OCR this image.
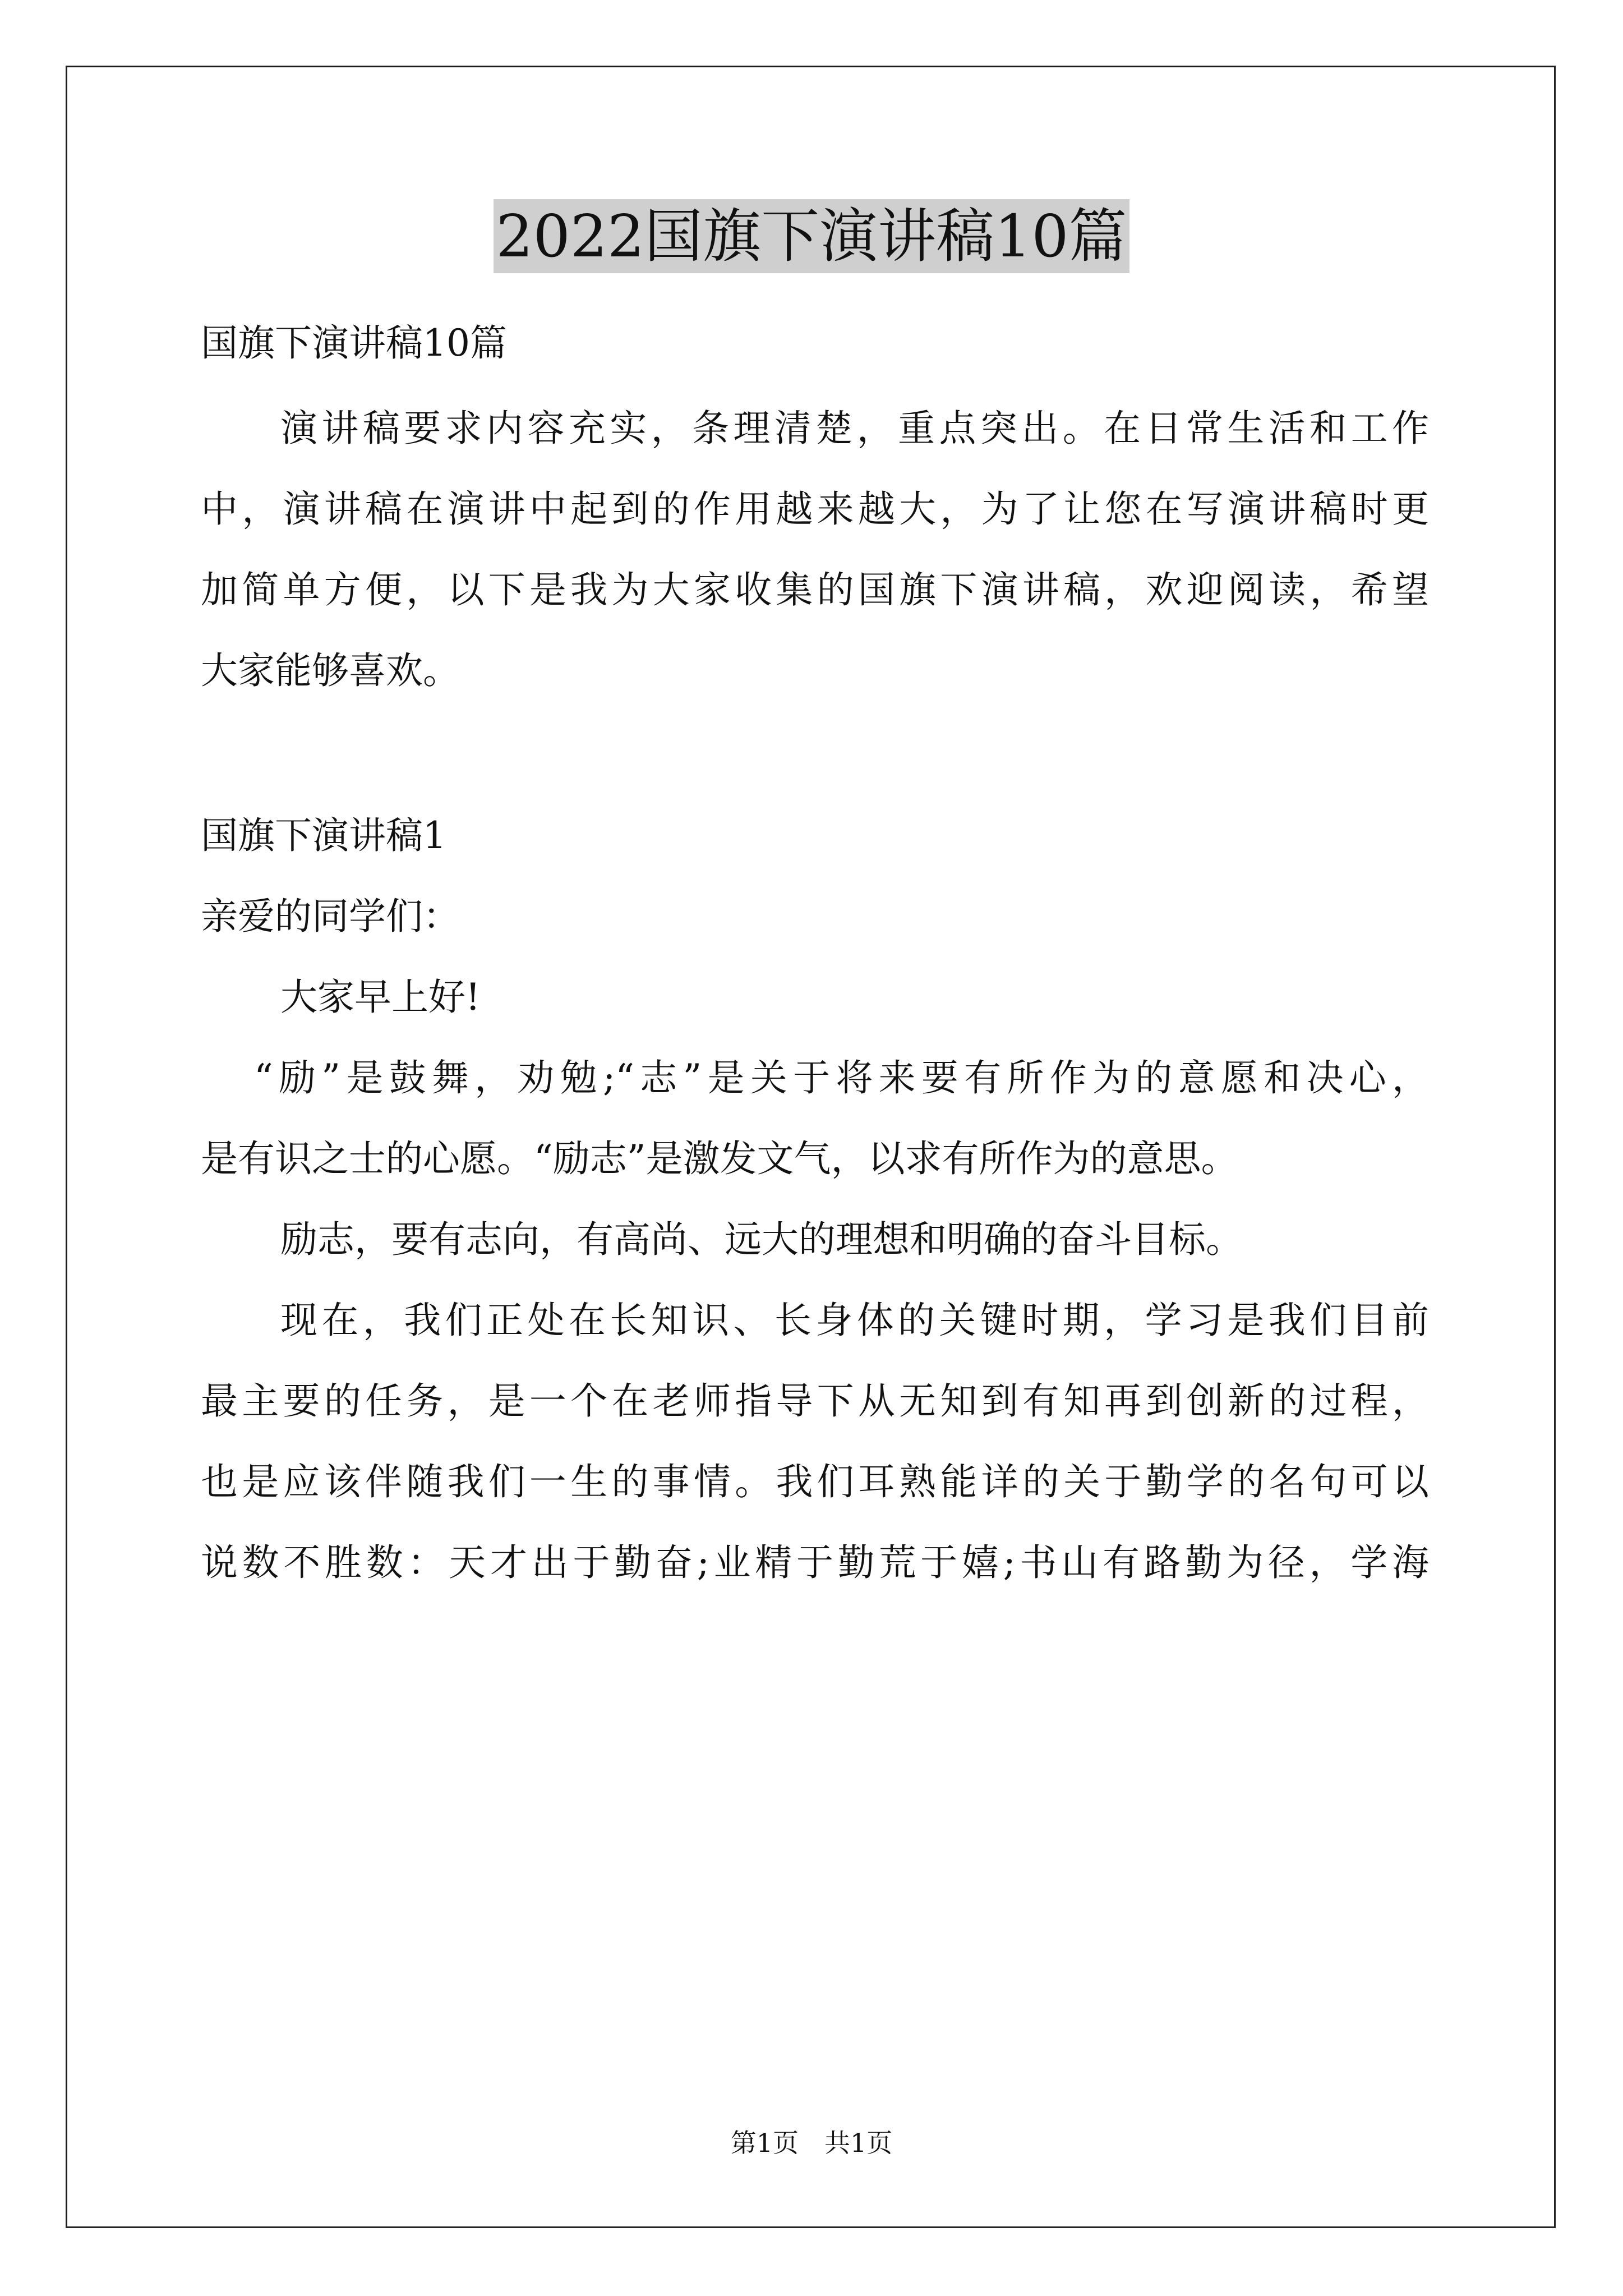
2022国旗下演讲稿10篇

国旗下演讲稿10篇

演讲稿要求内容充实，条理清楚，重点突出。在日常生活和工作

中，演讲稿在演讲中起到的作用越来越大，为了让您在写演讲稿时更

加简单方便，以下是我为大家收集的国旗下演讲稿，欢迎阅读，希望

大家能够喜欢。

国旗下演讲稿1

亲爱的同学们：

大家早上好!

“励”是鼓舞，劝勉;“志”是关于将来要有所作为的意愿和决心，

是有识之士的心愿。“励志”是激发文气，以求有所作为的意思。

励志，要有志向，有高尚、远大的理想和明确的奋斗目标。

现在，我们正处在长知识、长身体的关键时期，学习是我们目前

最主要的任务，是一个在老师指导下从无知到有知再到创新的过程，

也是应该伴随我们一生的事情。我们耳熟能详的关于勤学的名句可以

说数不胜数：天才出于勤奋;业精于勤荒于嬉;书山有路勤为径，学海

第1页　共1页
